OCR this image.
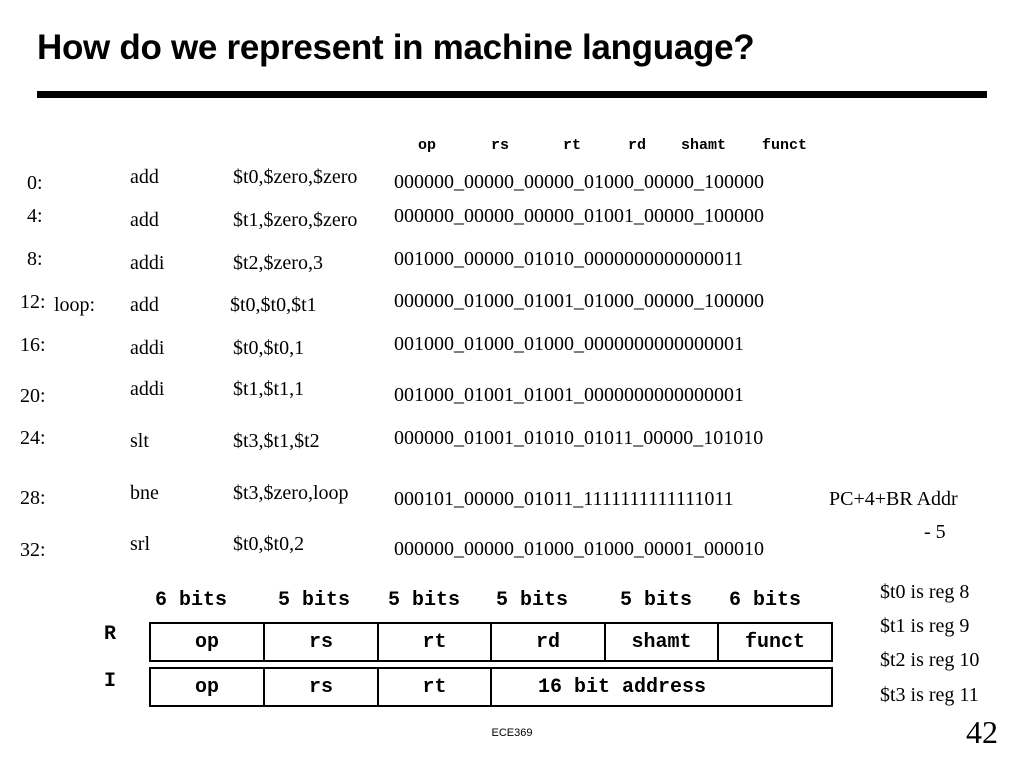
How do we represent in machine language?
op	rs	rt	rd shamt funct
0:	add	$t0,$zero,$zero 000000_00000_00000_01000_00000_100000
4:	add	$t1,$zero,$zero 000000_00000_00000_01001_00000_100000
8:	addi	$t2,$zero,3	001000_00000_01010_0000000000000011
12: loop: add	$t0,$t0,$t1	000000_01000_01001_01000_00000_100000
16:	addi	$t0,$t0,1	001000_01000_01000_0000000000000001
20:	addi	$t1,$t1,1	001000_01001_01001_0000000000000001
24:	slt	$t3,$t1,$t2	000000_01001_01010_01011_00000_101010
28:	bne	$t3,$zero,loop 000101_00000_01011_1111111111111011	PC+4+BR Addr
- 5
32:	srl	$t0,$t0,2	000000_00000_01000_01000_00001_000010
6 bits	5 bits 5 bits 5 bits	5 bits 6 bits
R	op	rs	rt	rd	shamt	funct
I	op	rs	rt	16 bit address
$t0 is reg 8
$t1 is reg 9
$t2 is reg 10
$t3 is reg 11
ECE369	42
